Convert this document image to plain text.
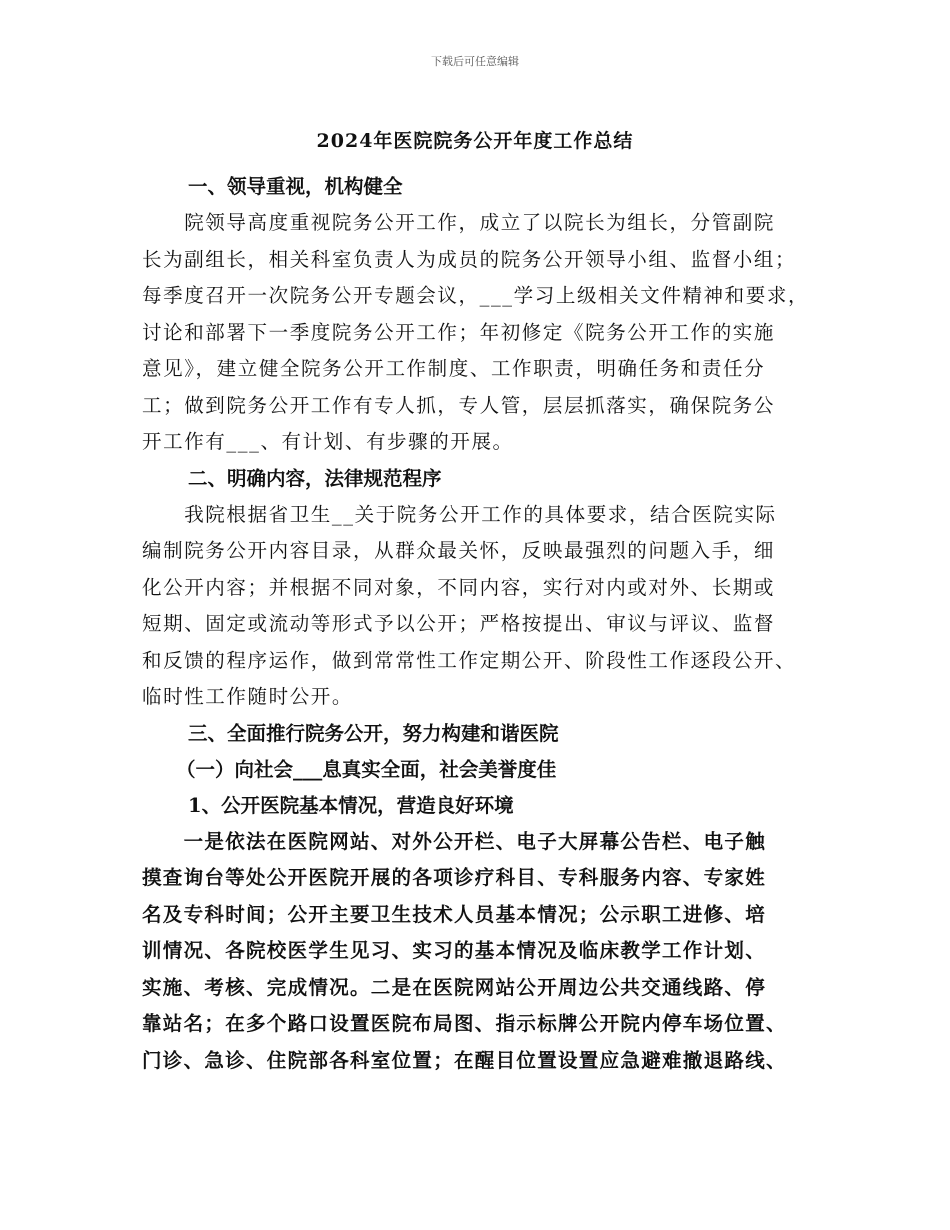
下载后可任意编辑
2024年医院院务公开年度工作总结
一、领导重视，机构健全
　　院领导高度重视院务公开工作，成立了以院长为组长，分管副院
长为副组长，相关科室负责人为成员的院务公开领导小组、监督小组；
每季度召开一次院务公开专题会议，___学习上级相关文件精神和要求，
讨论和部署下一季度院务公开工作；年初修定《院务公开工作的实施
意见》，建立健全院务公开工作制度、工作职责，明确任务和责任分
工；做到院务公开工作有专人抓，专人管，层层抓落实，确保院务公
开工作有___、有计划、有步骤的开展。
二、明确内容，法律规范程序
　　我院根据省卫生__关于院务公开工作的具体要求，结合医院实际
编制院务公开内容目录，从群众最关怀，反映最强烈的问题入手，细
化公开内容；并根据不同对象，不同内容，实行对内或对外、长期或
短期、固定或流动等形式予以公开；严格按提出、审议与评议、监督
和反馈的程序运作，做到常常性工作定期公开、阶段性工作逐段公开、
临时性工作随时公开。
三、全面推行院务公开，努力构建和谐医院
（一）向社会___息真实全面，社会美誉度佳
1、公开医院基本情况，营造良好环境
　　一是依法在医院网站、对外公开栏、电子大屏幕公告栏、电子触
摸查询台等处公开医院开展的各项诊疗科目、专科服务内容、专家姓
名及专科时间；公开主要卫生技术人员基本情况；公示职工进修、培
训情况、各院校医学生见习、实习的基本情况及临床教学工作计划、
实施、考核、完成情况。二是在医院网站公开周边公共交通线路、停
靠站名；在多个路口设置医院布局图、指示标牌公开院内停车场位置、
门诊、急诊、住院部各科室位置；在醒目位置设置应急避难撤退路线、
